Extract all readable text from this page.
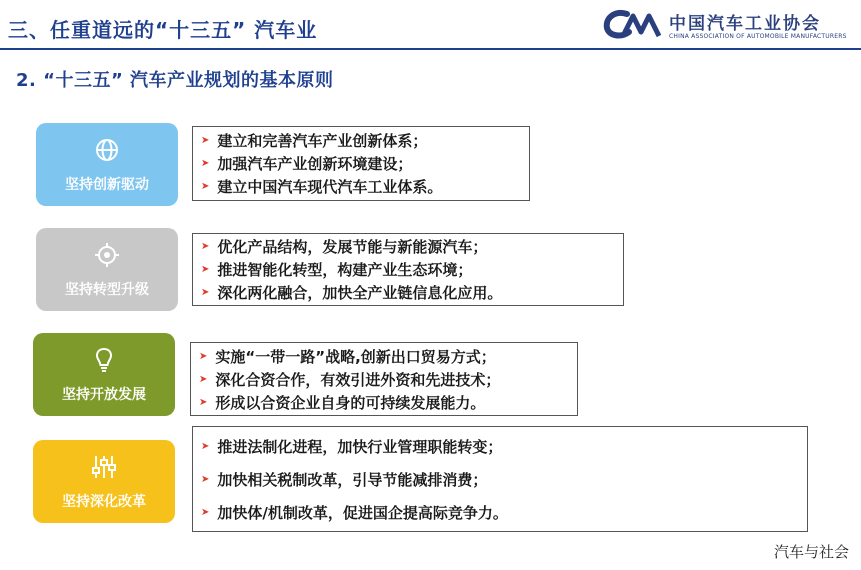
三、任重道远的“十三五” 汽车业	中国汽车工业协会
CHINA ASSOCIATION OF AUTOMOBILE MANUFACTURERS
2. “十三五” 汽车产业规划的基本原则
坚持创新驱动
➤ 建立和完善汽车产业创新体系；
➤ 加强汽车产业创新环境建设；
➤ 建立中国汽车现代汽车工业体系。
坚持转型升级
➤ 优化产品结构，发展节能与新能源汽车；
➤ 推进智能化转型，构建产业生态环境；
➤ 深化两化融合，加快全产业链信息化应用。
坚持开放发展
➤ 实施“一带一路”战略,创新出口贸易方式；
➤ 深化合资合作，有效引进外资和先进技术；
➤ 形成以合资企业自身的可持续发展能力。
坚持深化改革
➤ 推进法制化进程，加快行业管理职能转变；
➤ 加快相关税制改革，引导节能减排消费；
➤ 加快体/机制改革，促进国企提高际竞争力。
汽车与社会
